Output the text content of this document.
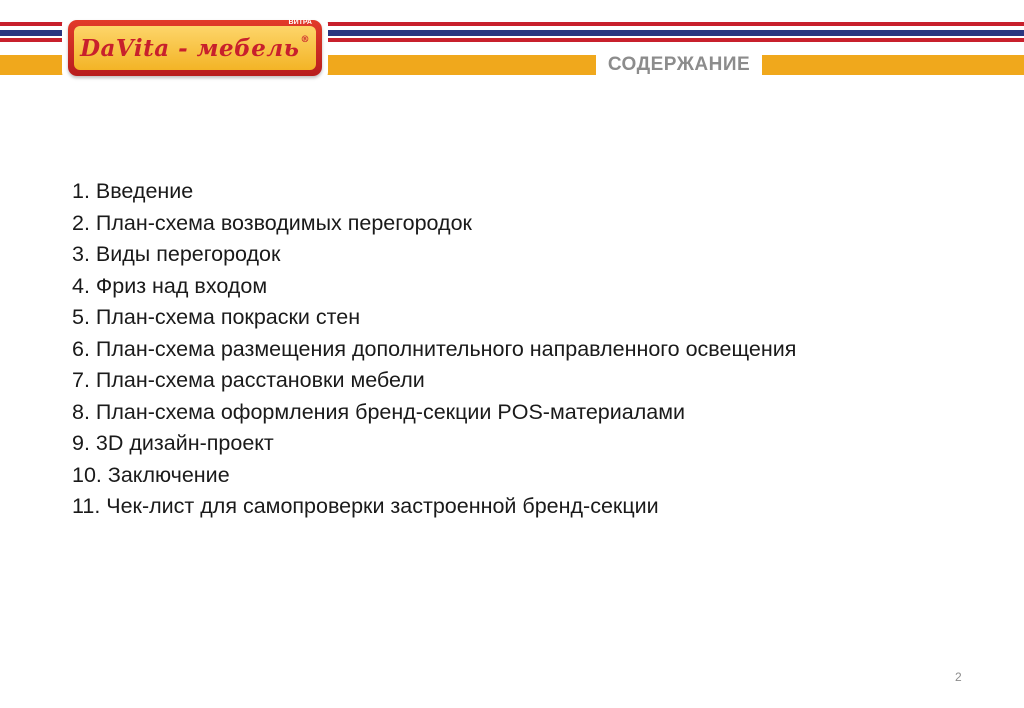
ВИТРА
DaVita - мебель®
СОДЕРЖАНИЕ
1. Введение
2. План-схема возводимых перегородок
3. Виды перегородок
4. Фриз над входом
5. План-схема покраски стен
6. План-схема размещения дополнительного направленного освещения
7. План-схема расстановки мебели
8. План-схема оформления бренд-секции POS-материалами
9. 3D дизайн-проект
10. Заключение
11. Чек-лист для самопроверки застроенной бренд-секции
2
